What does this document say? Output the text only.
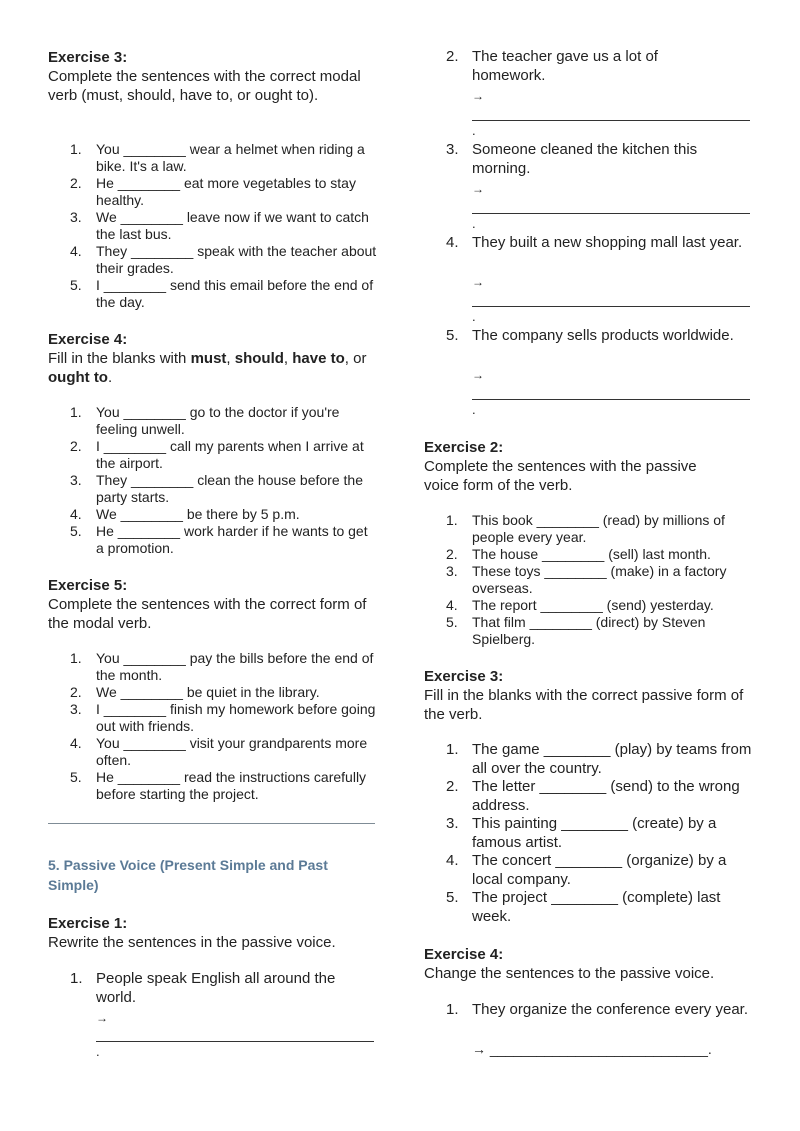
Exercise 3:
Complete the sentences with the correct modal verb (must, should, have to, or ought to).
1.	You ________ wear a helmet when riding a bike. It's a law.
2.	He ________ eat more vegetables to stay healthy.
3.	We ________ leave now if we want to catch the last bus.
4.	They ________ speak with the teacher about their grades.
5.	I ________ send this email before the end of the day.
Exercise 4:
Fill in the blanks with must, should, have to, or ought to.
1.	You ________ go to the doctor if you're feeling unwell.
2.	I ________ call my parents when I arrive at the airport.
3.	They ________ clean the house before the party starts.
4.	We ________ be there by 5 p.m.
5.	He ________ work harder if he wants to get a promotion.
Exercise 5:
Complete the sentences with the correct form of the modal verb.
1.	You ________ pay the bills before the end of the month.
2.	We ________ be quiet in the library.
3.	I ________ finish my homework before going out with friends.
4.	You ________ visit your grandparents more often.
5.	He ________ read the instructions carefully before starting the project.
5. Passive Voice (Present Simple and Past Simple)
Exercise 1:
Rewrite the sentences in the passive voice.
1. People speak English all around the world.
→
.
2. The teacher gave us a lot of homework.
→
.
3. Someone cleaned the kitchen this morning.
→
.
4. They built a new shopping mall last year.
→
.
5. The company sells products worldwide.
→
.
Exercise 2:
Complete the sentences with the passive voice form of the verb.
1.	This book ________ (read) by millions of people every year.
2.	The house ________ (sell) last month.
3.	These toys ________ (make) in a factory overseas.
4.	The report ________ (send) yesterday.
5.	That film ________ (direct) by Steven Spielberg.
Exercise 3:
Fill in the blanks with the correct passive form of the verb.
1. The game ________ (play) by teams from all over the country.
2. The letter ________ (send) to the wrong address.
3. This painting ________ (create) by a famous artist.
4. The concert ________ (organize) by a local company.
5. The project ________ (complete) last week.
Exercise 4:
Change the sentences to the passive voice.
1. They organize the conference every year.
→ ____________________________.
